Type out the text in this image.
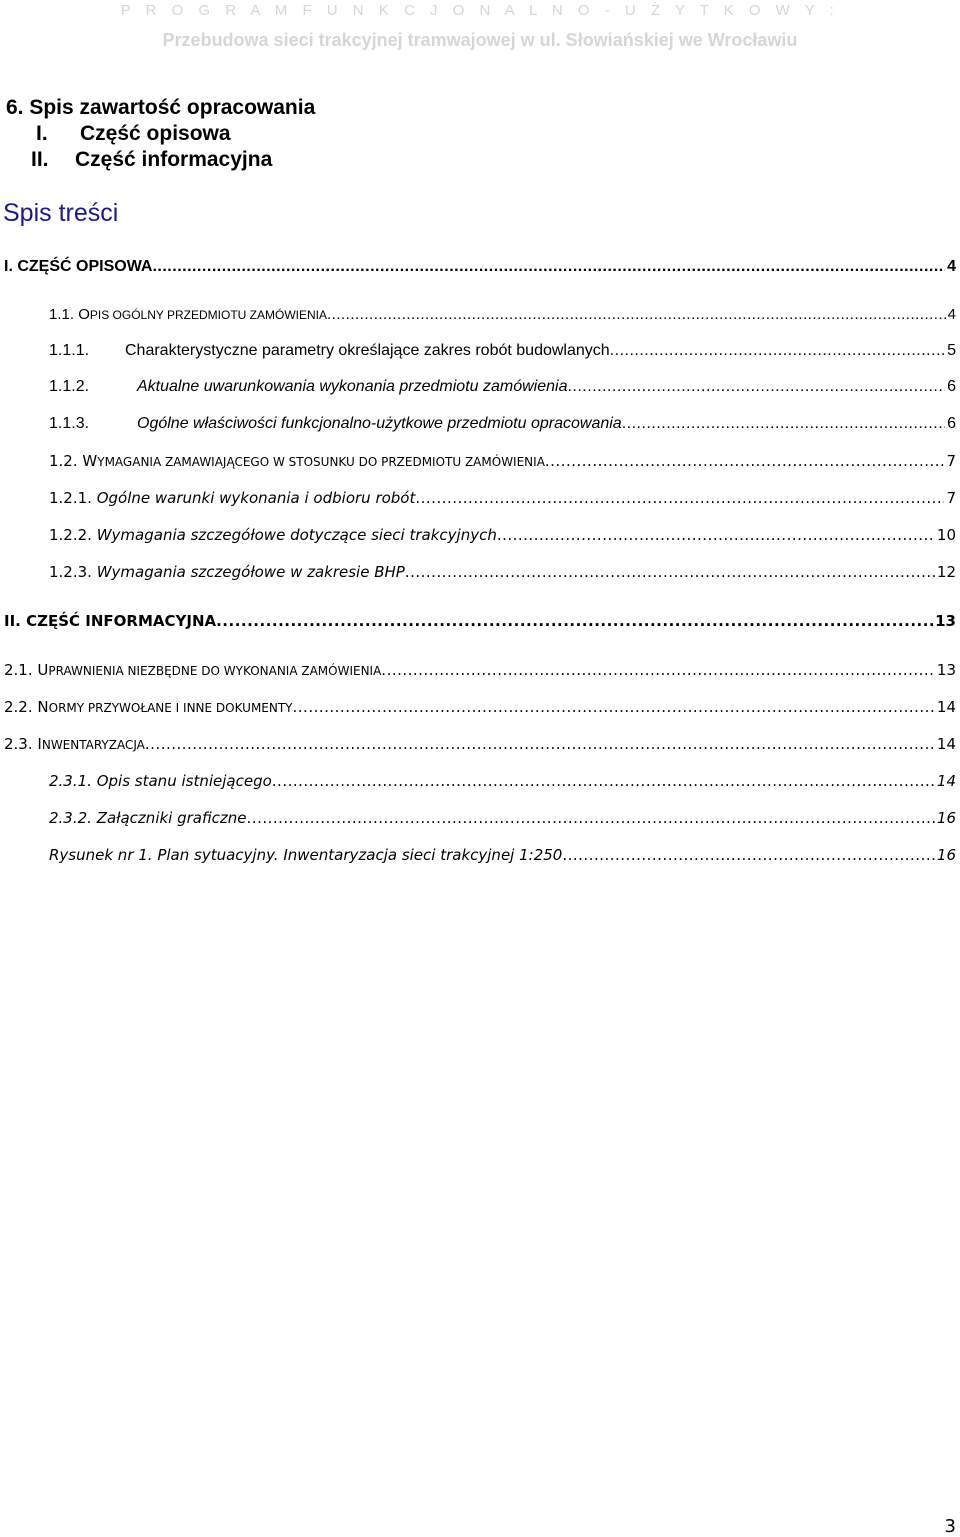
P R O G R A M F U N K C J O N A L N O - U Ż Y T K O W Y :
Przebudowa sieci trakcyjnej tramwajowej w ul. Słowiańskiej we Wrocławiu
6. Spis zawartość opracowania
I. Część opisowa
II. Część informacyjna
Spis treści
I. CZĘŚĆ OPISOWA .....	4
1.1. OPIS OGÓLNY PRZEDMIOTU ZAMÓWIENIA .....	4
1.1.1. Charakterystyczne parametry określające zakres robót budowlanych .....	5
1.1.2.	Aktualne uwarunkowania wykonania przedmiotu zamówienia .....	6
1.1.3.	Ogólne właściwości funkcjonalno-użytkowe przedmiotu opracowania .....	6
1.2. WYMAGANIA ZAMAWIAJĄCEGO W STOSUNKU DO PRZEDMIOTU ZAMÓWIENIA .....	7
1.2.1. Ogólne warunki wykonania i odbioru robót .....	7
1.2.2. Wymagania szczegółowe dotyczące sieci trakcyjnych .....	10
1.2.3. Wymagania szczegółowe w zakresie BHP .....	12
II. CZĘŚĆ INFORMACYJNA .....	13
2.1. UPRAWNIENIA NIEZBĘDNE DO WYKONANIA ZAMÓWIENIA .....	13
2.2. NORMY PRZYWOŁANE I INNE DOKUMENTY .....	14
2.3. INWENTARYZACJA .....	14
2.3.1. Opis stanu istniejącego .....	14
2.3.2. Załączniki graficzne .....	16
Rysunek nr 1. Plan sytuacyjny. Inwentaryzacja sieci trakcyjnej 1:250 .....	16
3
